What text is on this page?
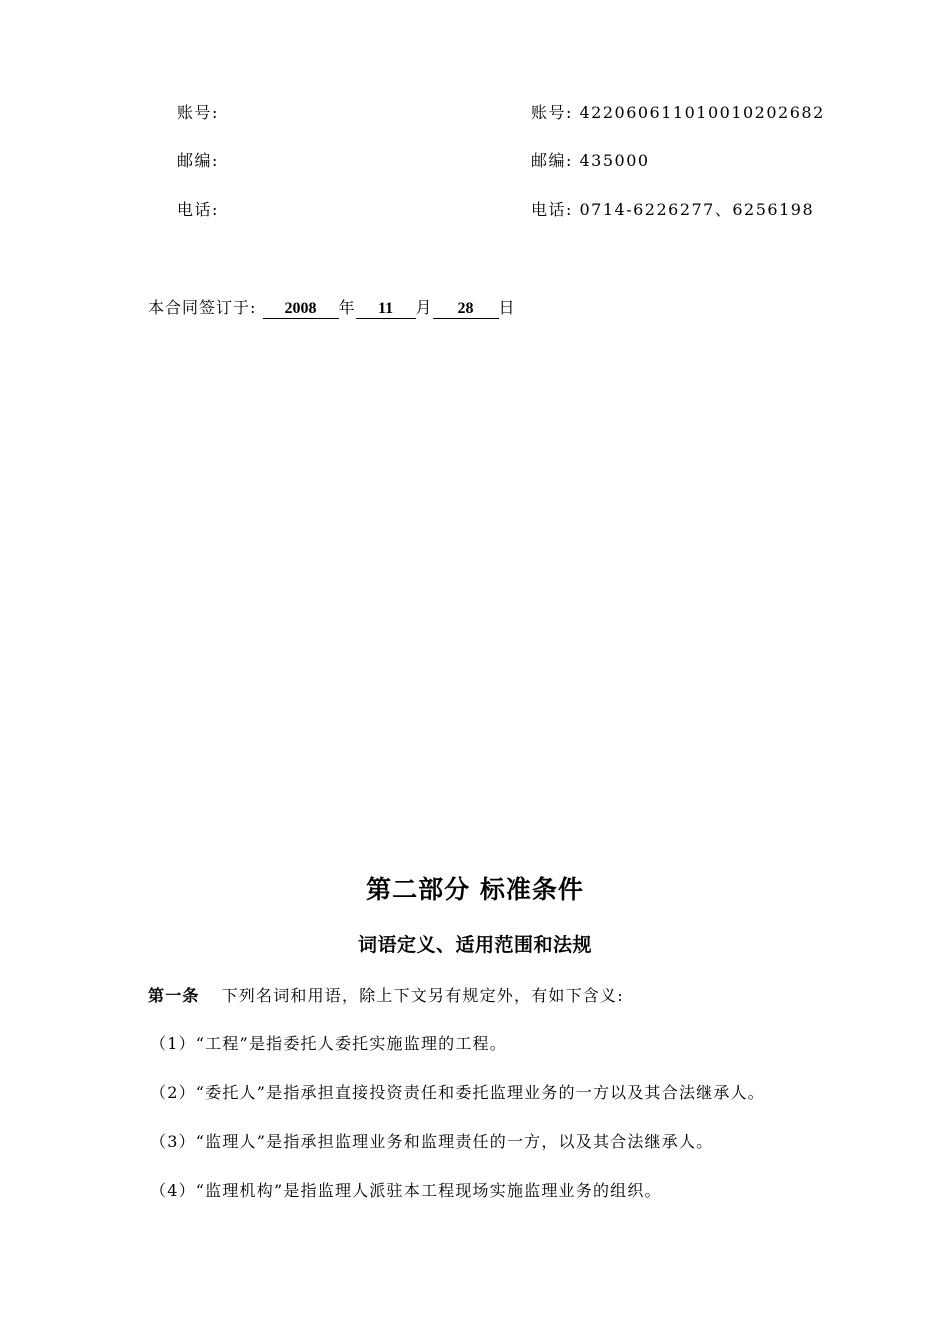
账号:	账号: 42206061101001020268​2
邮编:	邮编: 435000
电话:	电话: 0714-6226277、6256198
本合同签订于: 2008 年 11 月 28 日
第二部分 标准条件
词语定义、适用范围和法规
第一条 下列名词和用语，除上下文另有规定外，有如下含义:
（1）“工程”是指委托人委托实施监理的工程。
（2）“委托人”是指承担直接投资责任和委托监理业务的一方以及其合法继承人。
（3）“监理人”是指承担监理业务和监理责任的一方，以及其合法继承人。
（4）“监理机构”是指监理人派驻本工程现场实施监理业务的组织。
